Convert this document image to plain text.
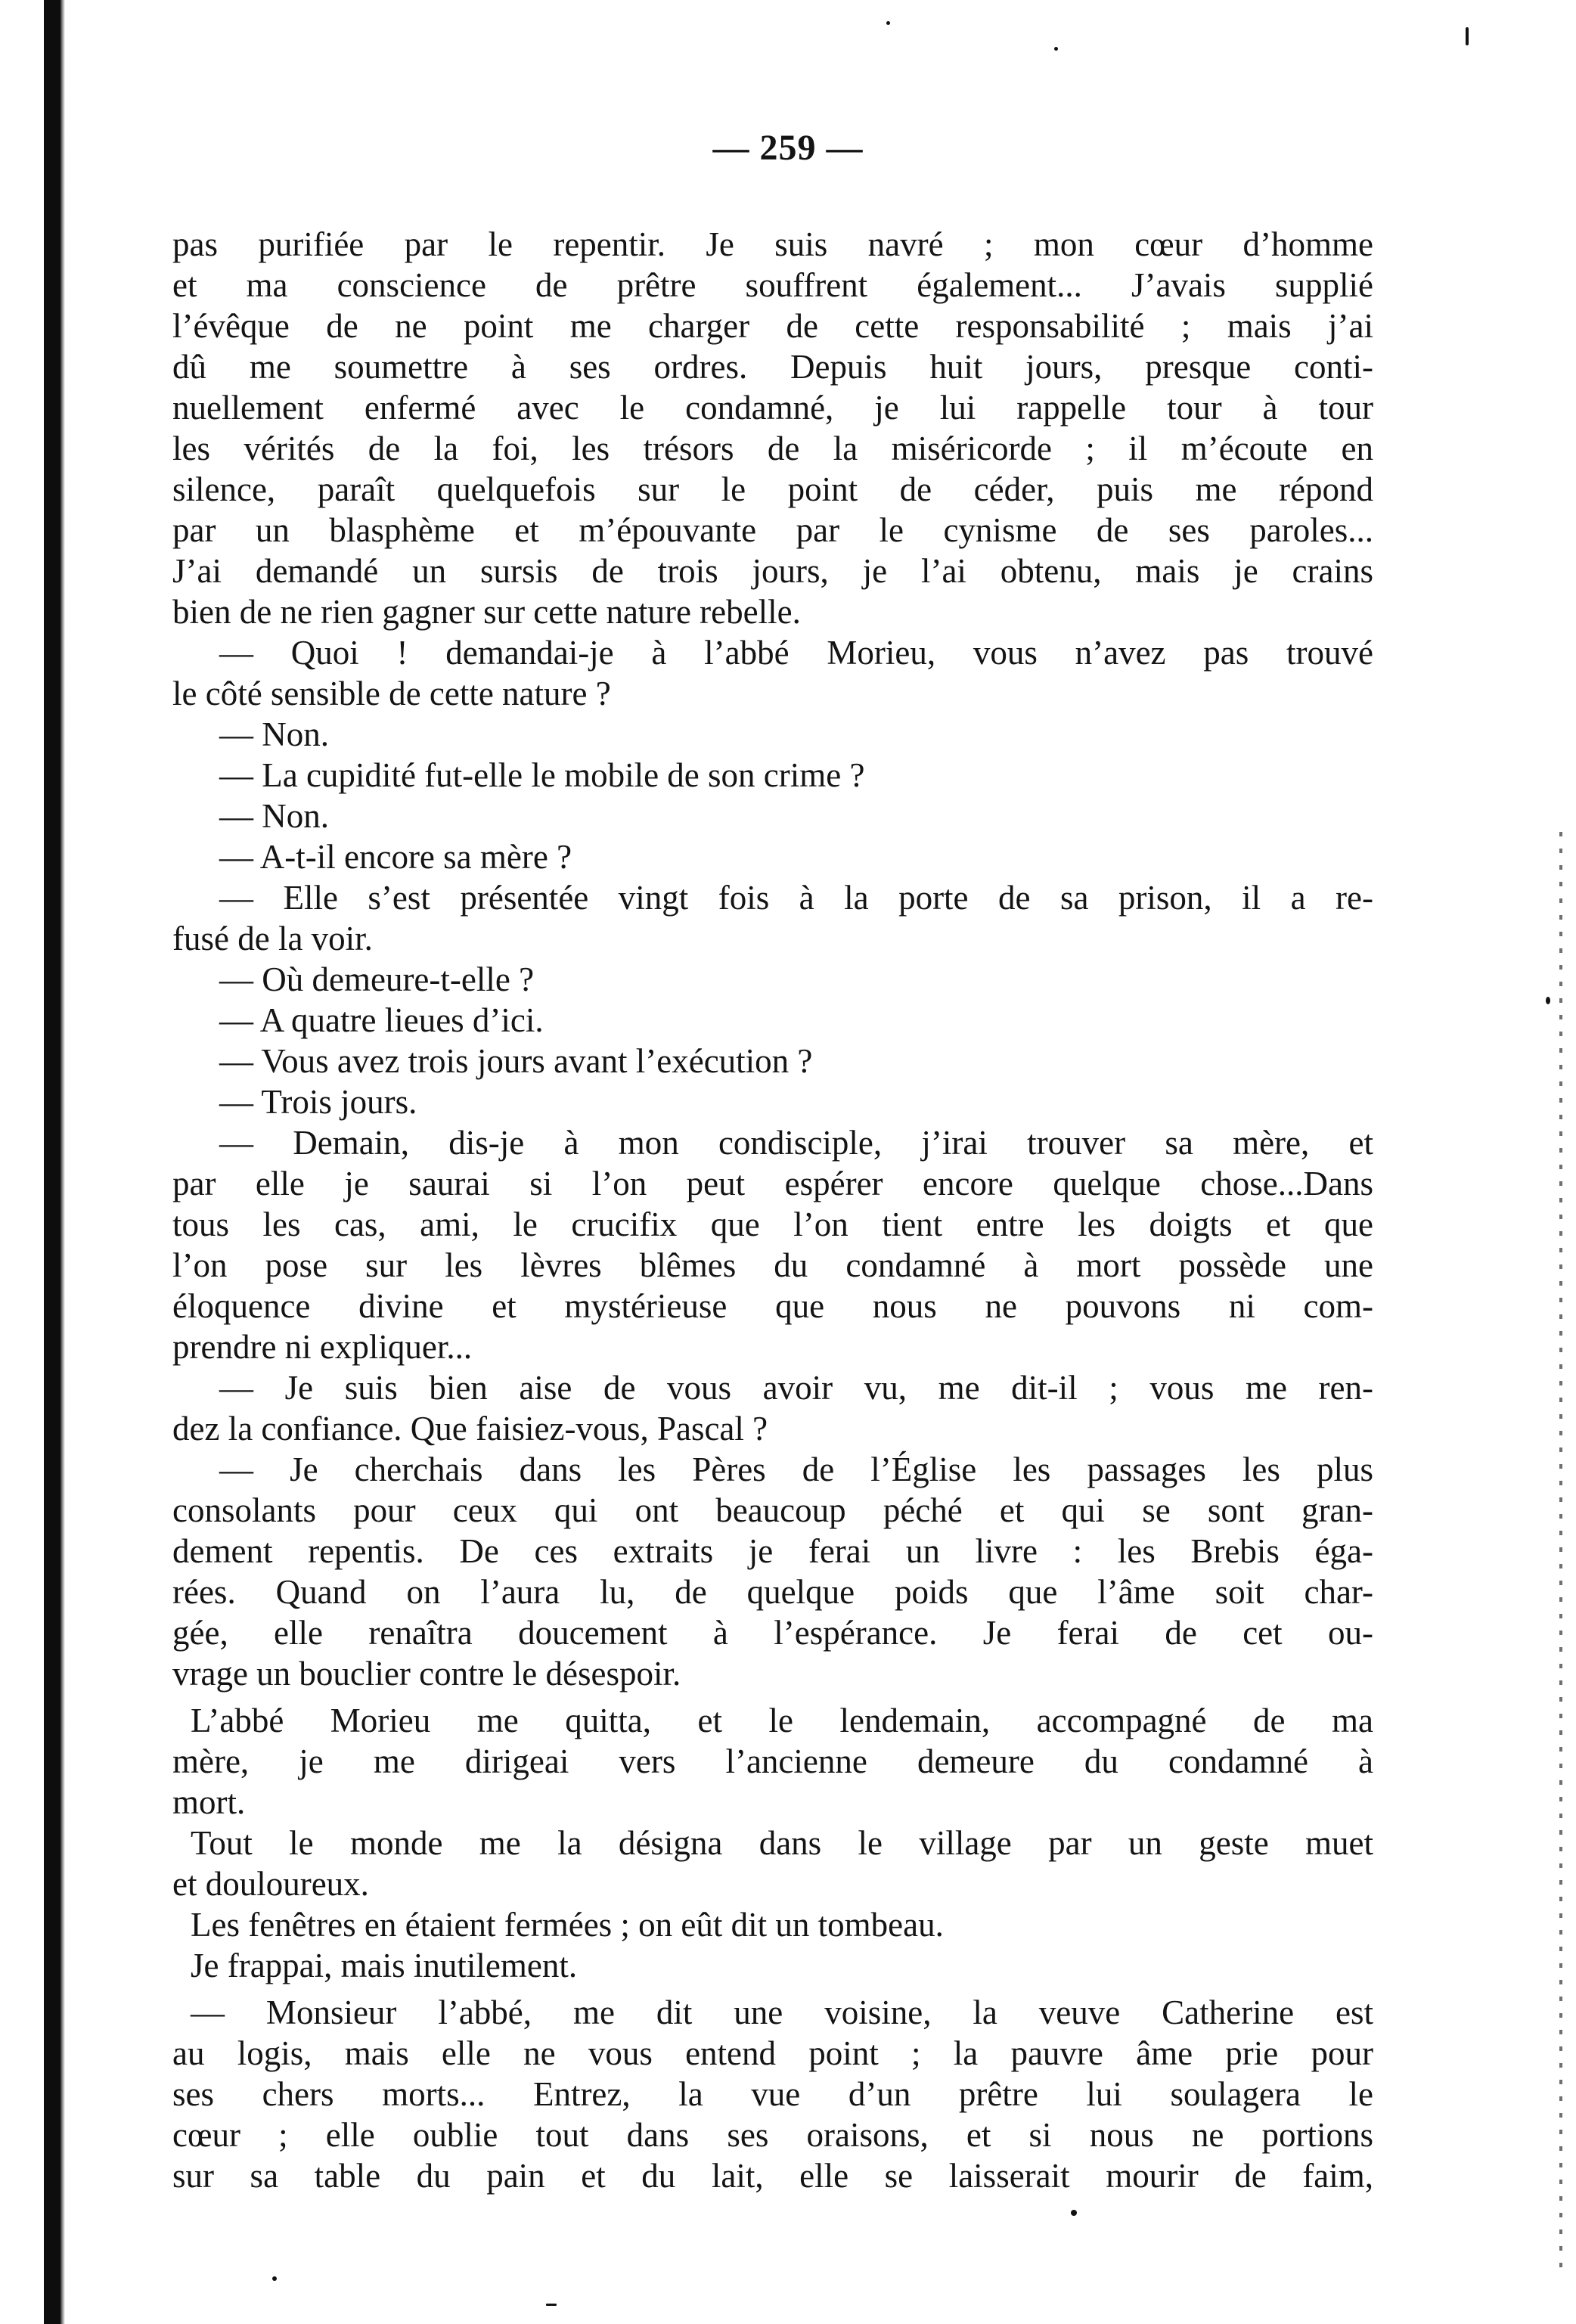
— 259 —
pas purifiée par le repentir. Je suis navré ; mon cœur d’homme
et ma conscience de prêtre souffrent également... J’avais supplié
l’évêque de ne point me charger de cette responsabilité ; mais j’ai
dû me soumettre à ses ordres. Depuis huit jours, presque conti-
nuellement enfermé avec le condamné, je lui rappelle tour à tour
les vérités de la foi, les trésors de la miséricorde ; il m’écoute en
silence, paraît quelquefois sur le point de céder, puis me répond
par un blasphème et m’épouvante par le cynisme de ses paroles...
J’ai demandé un sursis de trois jours, je l’ai obtenu, mais je crains
bien de ne rien gagner sur cette nature rebelle.
— Quoi ! demandai-je à l’abbé Morieu, vous n’avez pas trouvé
le côté sensible de cette nature ?
— Non.
— La cupidité fut-elle le mobile de son crime ?
— Non.
— A-t-il encore sa mère ?
— Elle s’est présentée vingt fois à la porte de sa prison, il a re-
fusé de la voir.
— Où demeure-t-elle ?
— A quatre lieues d’ici.
— Vous avez trois jours avant l’exécution ?
— Trois jours.
— Demain, dis-je à mon condisciple, j’irai trouver sa mère, et
par elle je saurai si l’on peut espérer encore quelque chose...Dans
tous les cas, ami, le crucifix que l’on tient entre les doigts et que
l’on pose sur les lèvres blêmes du condamné à mort possède une
éloquence divine et mystérieuse que nous ne pouvons ni com-
prendre ni expliquer...
— Je suis bien aise de vous avoir vu, me dit-il ; vous me ren-
dez la confiance. Que faisiez-vous, Pascal ?
— Je cherchais dans les Pères de l’Église les passages les plus
consolants pour ceux qui ont beaucoup péché et qui se sont gran-
dement repentis. De ces extraits je ferai un livre : les Brebis éga-
rées. Quand on l’aura lu, de quelque poids que l’âme soit char-
gée, elle renaîtra doucement à l’espérance. Je ferai de cet ou-
vrage un bouclier contre le désespoir.
L’abbé Morieu me quitta, et le lendemain, accompagné de ma
mère, je me dirigeai vers l’ancienne demeure du condamné à
mort.
Tout le monde me la désigna dans le village par un geste muet
et douloureux.
Les fenêtres en étaient fermées ; on eût dit un tombeau.
Je frappai, mais inutilement.
— Monsieur l’abbé, me dit une voisine, la veuve Catherine est
au logis, mais elle ne vous entend point ; la pauvre âme prie pour
ses chers morts... Entrez, la vue d’un prêtre lui soulagera le
cœur ; elle oublie tout dans ses oraisons, et si nous ne portions
sur sa table du pain et du lait, elle se laisserait mourir de faim,
